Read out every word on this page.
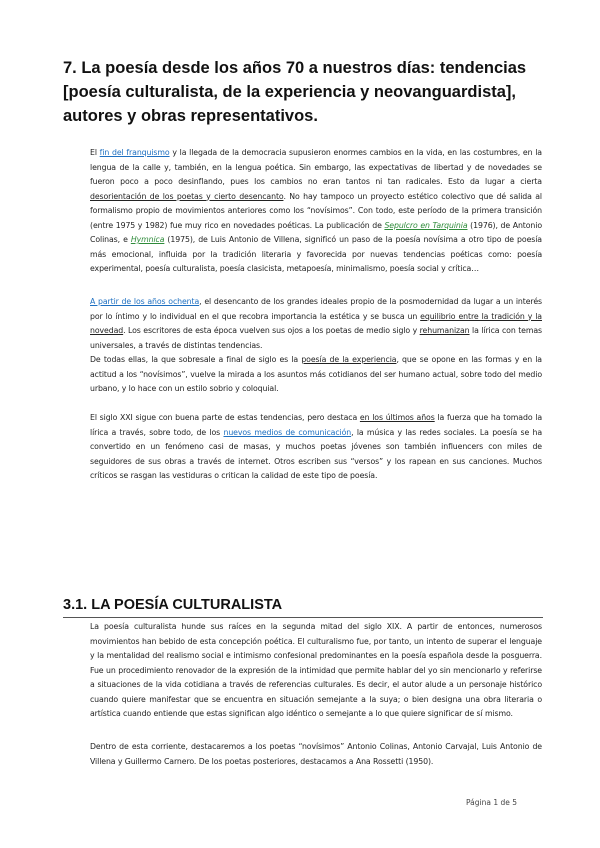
7. La poesía desde los años 70 a nuestros días: tendencias [poesía culturalista, de la experiencia y neovanguardista], autores y obras representativos.

El fin del franquismo y la llegada de la democracia supusieron enormes cambios en la vida, en las costumbres, en la lengua de la calle y, también, en la lengua poética. Sin embargo, las expectativas de libertad y de novedades se fueron poco a poco desinflando, pues los cambios no eran tantos ni tan radicales. Esto da lugar a cierta desorientación de los poetas y cierto desencanto. No hay tampoco un proyecto estético colectivo que dé salida al formalismo propio de movimientos anteriores como los “novísimos”. Con todo, este período de la primera transición (entre 1975 y 1982) fue muy rico en novedades poéticas. La publicación de Sepulcro en Tarquinia (1976), de Antonio Colinas, e Hymnica (1975), de Luis Antonio de Villena, significó un paso de la poesía novísima a otro tipo de poesía más emocional, influida por la tradición literaria y favorecida por nuevas tendencias poéticas como: poesía experimental, poesía culturalista, poesía clasicista, metapoesía, minimalismo, poesía social y crítica…

A partir de los años ochenta, el desencanto de los grandes ideales propio de la posmodernidad da lugar a un interés por lo íntimo y lo individual en el que recobra importancia la estética y se busca un equilibrio entre la tradición y la novedad. Los escritores de esta época vuelven sus ojos a los poetas de medio siglo y rehumanizan la lírica con temas universales, a través de distintas tendencias.

De todas ellas, la que sobresale a final de siglo es la poesía de la experiencia, que se opone en las formas y en la actitud a los “novísimos”, vuelve la mirada a los asuntos más cotidianos del ser humano actual, sobre todo del medio urbano, y lo hace con un estilo sobrio y coloquial.

El siglo XXI sigue con buena parte de estas tendencias, pero destaca en los últimos años la fuerza que ha tomado la lírica a través, sobre todo, de los nuevos medios de comunicación, la música y las redes sociales. La poesía se ha convertido en un fenómeno casi de masas, y muchos poetas jóvenes son también influencers con miles de seguidores de sus obras a través de internet. Otros escriben sus “versos” y los rapean en sus canciones. Muchos críticos se rasgan las vestiduras o critican la calidad de este tipo de poesía.

3.1. LA POESÍA CULTURALISTA

La poesía culturalista hunde sus raíces en la segunda mitad del siglo XIX. A partir de entonces, numerosos movimientos han bebido de esta concepción poética. El culturalismo fue, por tanto, un intento de superar el lenguaje y la mentalidad del realismo social e intimismo confesional predominantes en la poesía española desde la posguerra. Fue un procedimiento renovador de la expresión de la intimidad que permite hablar del yo sin mencionarlo y referirse a situaciones de la vida cotidiana a través de referencias culturales. Es decir, el autor alude a un personaje histórico cuando quiere manifestar que se encuentra en situación semejante a la suya; o bien designa una obra literaria o artística cuando entiende que estas significan algo idéntico o semejante a lo que quiere significar de sí mismo.

Dentro de esta corriente, destacaremos a los poetas “novísimos” Antonio Colinas, Antonio Carvajal, Luis Antonio de Villena y Guillermo Carnero. De los poetas posteriores, destacamos a Ana Rossetti (1950).

Página 1 de 5
